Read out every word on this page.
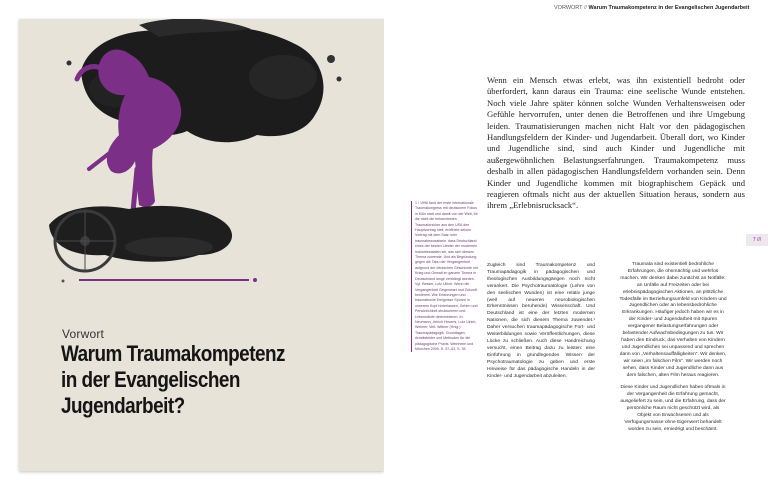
Vorwort
Warum Traumakompetenz
in der Evangelischen
Jugendarbeit?
VORWORT // Warum Traumakompetenz in der Evangelischen Jugendarbeit
Wenn ein Mensch etwas erlebt, was ihn existentiell bedroht oder überfordert, kann daraus ein Trauma: eine seelische Wunde entstehen. Noch viele Jahre später können solche Wunden Verhaltensweisen oder Gefühle hervorrufen, unter denen die Betroffenen und ihre Umgebung leiden. Traumatisierungen machen nicht Halt vor den pädagogischen Handlungsfeldern der Kinder- und Jugendarbeit. Überall dort, wo Kinder und Jugendliche sind, sind auch Kinder und Jugendliche mit außergewöhnlichen Belastungserfahrungen. Traumakompetenz muss deshalb in allen pädagogischen Handlungsfeldern vorhanden sein. Denn Kinder und Jugendliche kommen mit biographischem Gepäck und reagieren oftmals nicht aus der aktuellen Situation heraus, sondern aus ihrem „Erlebnisrucksack“.
1 / 1996 fand der erste internationale Traumakongress mit deutschem Fokus in Köln statt und damit von der Welt, für die nicht die bekanntesten Traumaforscher aus den USA den Hauptvortrag hielt, eröffnete seinen Vortrag mit dem Satz: kein traumabewusstsein, dass Deutschland eines der besten Länder der modernen Industriestaaten sei, das sich diesem Thema zuwende. Und als Begründung gegen die Tabu der Vergangenheit aufgrund der deutschen Geschichte mit Krieg und Gewalt im ganzen Thema in Deutschland lange verdrängt worden. Vgl. Besser, Lutz Ulrich: Wenn die Vergangenheit Gegenwart und Zukunft bestimmt. Wie Erfahrungen und traumatische Ereignisse Spuren in unserem Kopf hinterlassen, Gehirn und Persönlichkeit strukturieren und Lebensläufe determinieren. In: Neumann, Jelrich Hoverts, Lutz Ulrich; Weimer, Veit: Wittner (Hrsg.): Traumapädagogik. Grundlagen, Arbeitsfelder und Methoden für die pädagogische Praxis. Weinheim und München 2009, S. 37–53, S. 35.
Zugleich sind Traumakompetenz und Traumapädagogik in pädagogischen und theologischen Ausbildungsgängen noch nicht verankert. Die Psychotraumatologie (Lehre von den seelischen Wunden) ist eine relativ junge (weil auf neueren neurobiologischen Erkenntnissen beruhende) Wissenschaft. Und Deutschland ist eine der letzten modernen Nationen, die sich diesem Thema zuwendet.¹ Daher versuchen traumapädagogische Fort- und Weiterbildungen sowie Veröffentlichungen, diese Lücke zu schließen. Auch diese Handreichung versucht, einen Beitrag dazu zu leisten: eine Einführung in grundlegendes Wissen der Psychotraumatologie zu geben und erste Hinweise für das pädagogische Handeln in der Kinder- und Jugendarbeit abzuleiten.

Traumata sind existentiell bedrohliche Erfahrungen, die ohnmächtig und wehrlos machen. Wir denken dabei zunächst an Notfälle: an Unfälle auf Freizeiten oder bei erlebnispädagogischen Aktionen, an plötzliche Todesfälle im Beziehungsumfeld von Kindern und Jugendlichen oder an lebensbedrohliche Erkrankungen. Häufiger jedoch haben wir es in der Kinder- und Jugendarbeit mit Spuren vergangener Belastungserfahrungen oder belastender Aufwachsbedingungen zu tun. Wir haben den Eindruck, das Verhalten von Kindern und Jugendlichen sei unpassend und sprechen dann von „Verhaltensauffälligkeiten“. Wir denken, wir seien „im falschen Film“. Wir werden noch sehen, dass Kinder und Jugendliche dann aus dem falschen, alten Film heraus reagieren.

Diese Kinder und Jugendlichen haben oftmals in der Vergangenheit die Erfahrung gemacht, ausgeliefert zu sein, und die Erfahrung, dass der persönliche Raum nicht geschützt wird, als Objekt von Erwachsenen und als Verfügungsmasse ohne Eigenwert behandelt worden zu sein, erniedrigt und beschämt.

7 ///
